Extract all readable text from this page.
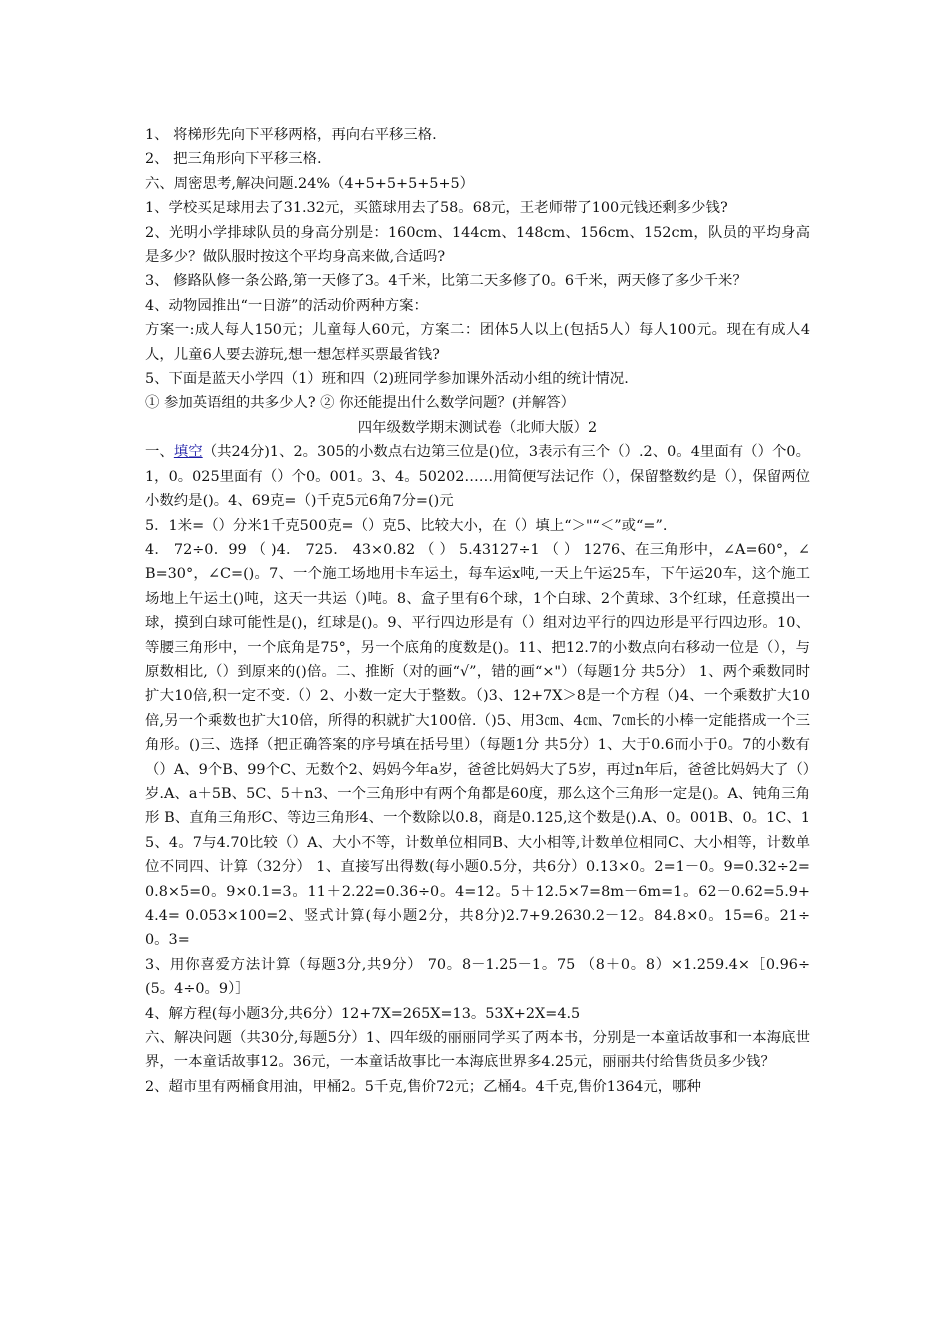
1、 将梯形先向下平移两格，再向右平移三格.

2、 把三角形向下平移三格.

六、周密思考,解决问题.24%（4+5+5+5+5+5）

1、学校买足球用去了31.32元，买篮球用去了58。68元，王老师带了100元钱还剩多少钱?

2、光明小学排球队员的身高分别是：160cm、144cm、148cm、156cm、152cm，队员的平均身高是多少？做队服时按这个平均身高来做,合适吗?

3、 修路队修一条公路,第一天修了3。4千米，比第二天多修了0。6千米，两天修了多少千米？

4、动物园推出“一日游”的活动价两种方案：

方案一:成人每人150元；儿童每人60元，方案二：团体5人以上(包括5人）每人100元。现在有成人4人，儿童6人要去游玩,想一想怎样买票最省钱?

5、下面是蓝天小学四（1）班和四（2)班同学参加课外活动小组的统计情况.

① 参加英语组的共多少人? ② 你还能提出什么数学问题？(并解答）

四年级数学期末测试卷（北师大版）2

一、填空（共24分)1、2。305的小数点右边第三位是()位，3表示有三个（）.2、0。4里面有（）个0。1，0。025里面有（）个0。001。3、4。50202……用简便写法记作（），保留整数约是（），保留两位小数约是()。4、69克=（)千克5元6角7分=()元

5．1米=（）分米1千克500克=（）克5、比较大小，在（）填上“＞"“＜”或“=”.

4． 72÷0．99 （ )4． 725． 43×0.82 （ ） 5.43127÷1 （ ） 1276、在三角形中，∠A=60°，∠B=30°，∠C=()。7、一个施工场地用卡车运土，每车运x吨,一天上午运25车，下午运20车，这个施工场地上午运土()吨，这天一共运（)吨。8、盒子里有6个球，1个白球、2个黄球、3个红球，任意摸出一球，摸到白球可能性是()，红球是()。9、平行四边形是有（）组对边平行的四边形是平行四边形。10、等腰三角形中，一个底角是75°，另一个底角的度数是()。11、把12.7的小数点向右移动一位是（），与原数相比,（）到原来的()倍。二、推断（对的画“√”，错的画“×"）（每题1分 共5分） 1、两个乘数同时扩大10倍,积一定不变.（）2、小数一定大于整数。（)3、12+7X＞8是一个方程（)4、一个乘数扩大10倍,另一个乘数也扩大10倍，所得的积就扩大100倍.（)5、用3㎝、4㎝、7㎝长的小棒一定能搭成一个三角形。()三、选择（把正确答案的序号填在括号里）（每题1分 共5分）1、大于0.6而小于0。7的小数有（）A、9个B、99个C、无数个2、妈妈今年a岁，爸爸比妈妈大了5岁，再过n年后，爸爸比妈妈大了（）岁.A、a＋5B、5C、5＋n3、一个三角形中有两个角都是60度，那么这个三角形一定是()。A、钝角三角形 B、直角三角形C、等边三角形4、一个数除以0.8，商是0.125,这个数是().A、0。001B、0。1C、15、4。7与4.70比较（）A、大小不等，计数单位相同B、大小相等,计数单位相同C、大小相等，计数单位不同四、计算（32分） 1、直接写出得数(每小题0.5分，共6分）0.13×0。2=1－0。9=0.32÷2=0.8×5=0。9×0.1=3。11＋2.22=0.36÷0。4=12。5＋12.5×7=8m－6m=1。62－0.62=5.9+4.4= 0.053×100=2、竖式计算(每小题2分，共8分)2.7+9.2630.2－12。84.8×0。15=6。21÷0。3=

3、用你喜爱方法计算（每题3分,共9分） 70。8－1.25－1。75 （8＋0。8）×1.259.4×［0.96÷(5。4÷0。9）］

4、解方程(每小题3分,共6分）12+7X=265X=13。53X+2X=4.5

六、解决问题（共30分,每题5分）1、四年级的丽丽同学买了两本书，分别是一本童话故事和一本海底世界，一本童话故事12。36元，一本童话故事比一本海底世界多4.25元，丽丽共付给售货员多少钱？

2、超市里有两桶食用油，甲桶2。5千克,售价72元；乙桶4。4千克,售价1364元，哪种
